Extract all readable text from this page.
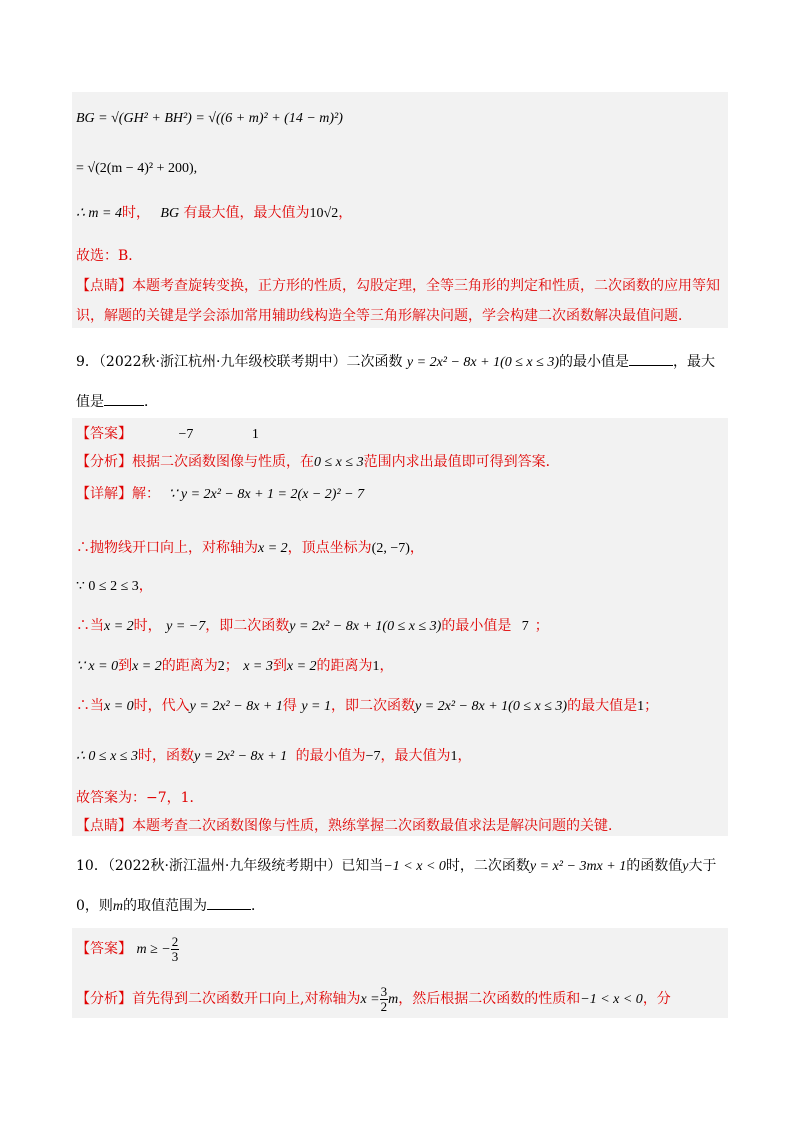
BG = √(GH² + BH²) = √((6 + m)² + (14 − m)²)
= √(2(m − 4)² + 200),
∴ m = 4时， BG 有最大值，最大值为10√2，
故选：B．
【点睛】本题考查旋转变换，正方形的性质，勾股定理，全等三角形的判定和性质，二次函数的应用等知
识，解题的关键是学会添加常用辅助线构造全等三角形解决问题，学会构建二次函数解决最值问题．
9．（2022秋·浙江杭州·九年级校联考期中）二次函数 y = 2x² − 8x + 1(0 ≤ x ≤ 3)的最小值是	，最大
值是	．
【答案】	−7	1
【分析】根据二次函数图像与性质，在0 ≤ x ≤ 3范围内求出最值即可得到答案．
【详解】解： ∵ y = 2x² − 8x + 1 = 2(x − 2)² − 7
∴抛物线开口向上，对称轴为x = 2，顶点坐标为(2, −7)，
∵ 0 ≤ 2 ≤ 3，
∴当x = 2时， y = −7，即二次函数y = 2x² − 8x + 1(0 ≤ x ≤ 3)的最小值是 7 ；
∵ x = 0到x = 2的距离为2； x = 3到x = 2的距离为1，
∴当x = 0时，代入y = 2x² − 8x + 1得 y = 1，即二次函数y = 2x² − 8x + 1(0 ≤ x ≤ 3)的最大值是1；
∴ 0 ≤ x ≤ 3时，函数y = 2x² − 8x + 1 的最小值为−7，最大值为1，
故答案为：−7，1．
【点睛】本题考查二次函数图像与性质，熟练掌握二次函数最值求法是解决问题的关键．
10．（2022秋·浙江温州·九年级统考期中）已知当−1 < x < 0时，二次函数y = x² − 3mx + 1的函数值y大于
0，则m的取值范围为	．
【答案】 m ≥ − $\frac{2}{3}$
【分析】首先得到二次函数开口向上,对称轴为$x = \frac{3}{2}$ m，然后根据二次函数的性质和−1 < x < 0，分
